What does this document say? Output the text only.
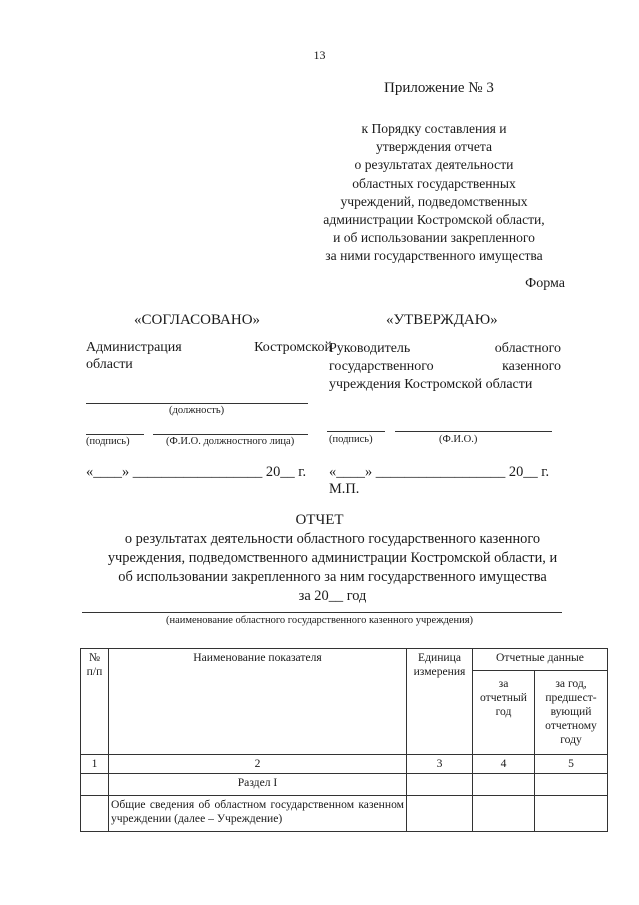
13
Приложение № 3
к Порядку составления и
утверждения отчета
о результатах деятельности
областных государственных
учреждений, подведомственных
администрации Костромской области,
и об использовании закрепленного
за ними государственного имущества
Форма
«СОГЛАСОВАНО»
Администрация	Костромской
области
(должность)
(подпись)	(Ф.И.О. должностного лица)
«____» __________________ 20__ г.
«УТВЕРЖДАЮ»
Руководитель	областного
государственного	казенного
учреждения Костромской области
(подпись)	(Ф.И.О.)
«____» __________________ 20__ г.
М.П.
ОТЧЕТ
о результатах деятельности областного государственного казенного
учреждения, подведомственного администрации Костромской области, и
об использовании закрепленного за ним государственного имущества
за 20__ год
(наименование областного государственного казенного учреждения)
№ п/п	Наименование показателя	Единица измерения	Отчетные данные	
			за отчетный год	за год, предшест-вующий отчетному году
1	2	3	4	5
	Раздел I			
	Общие сведения об областном государственном казенном учреждении (далее – Учреждение)			
